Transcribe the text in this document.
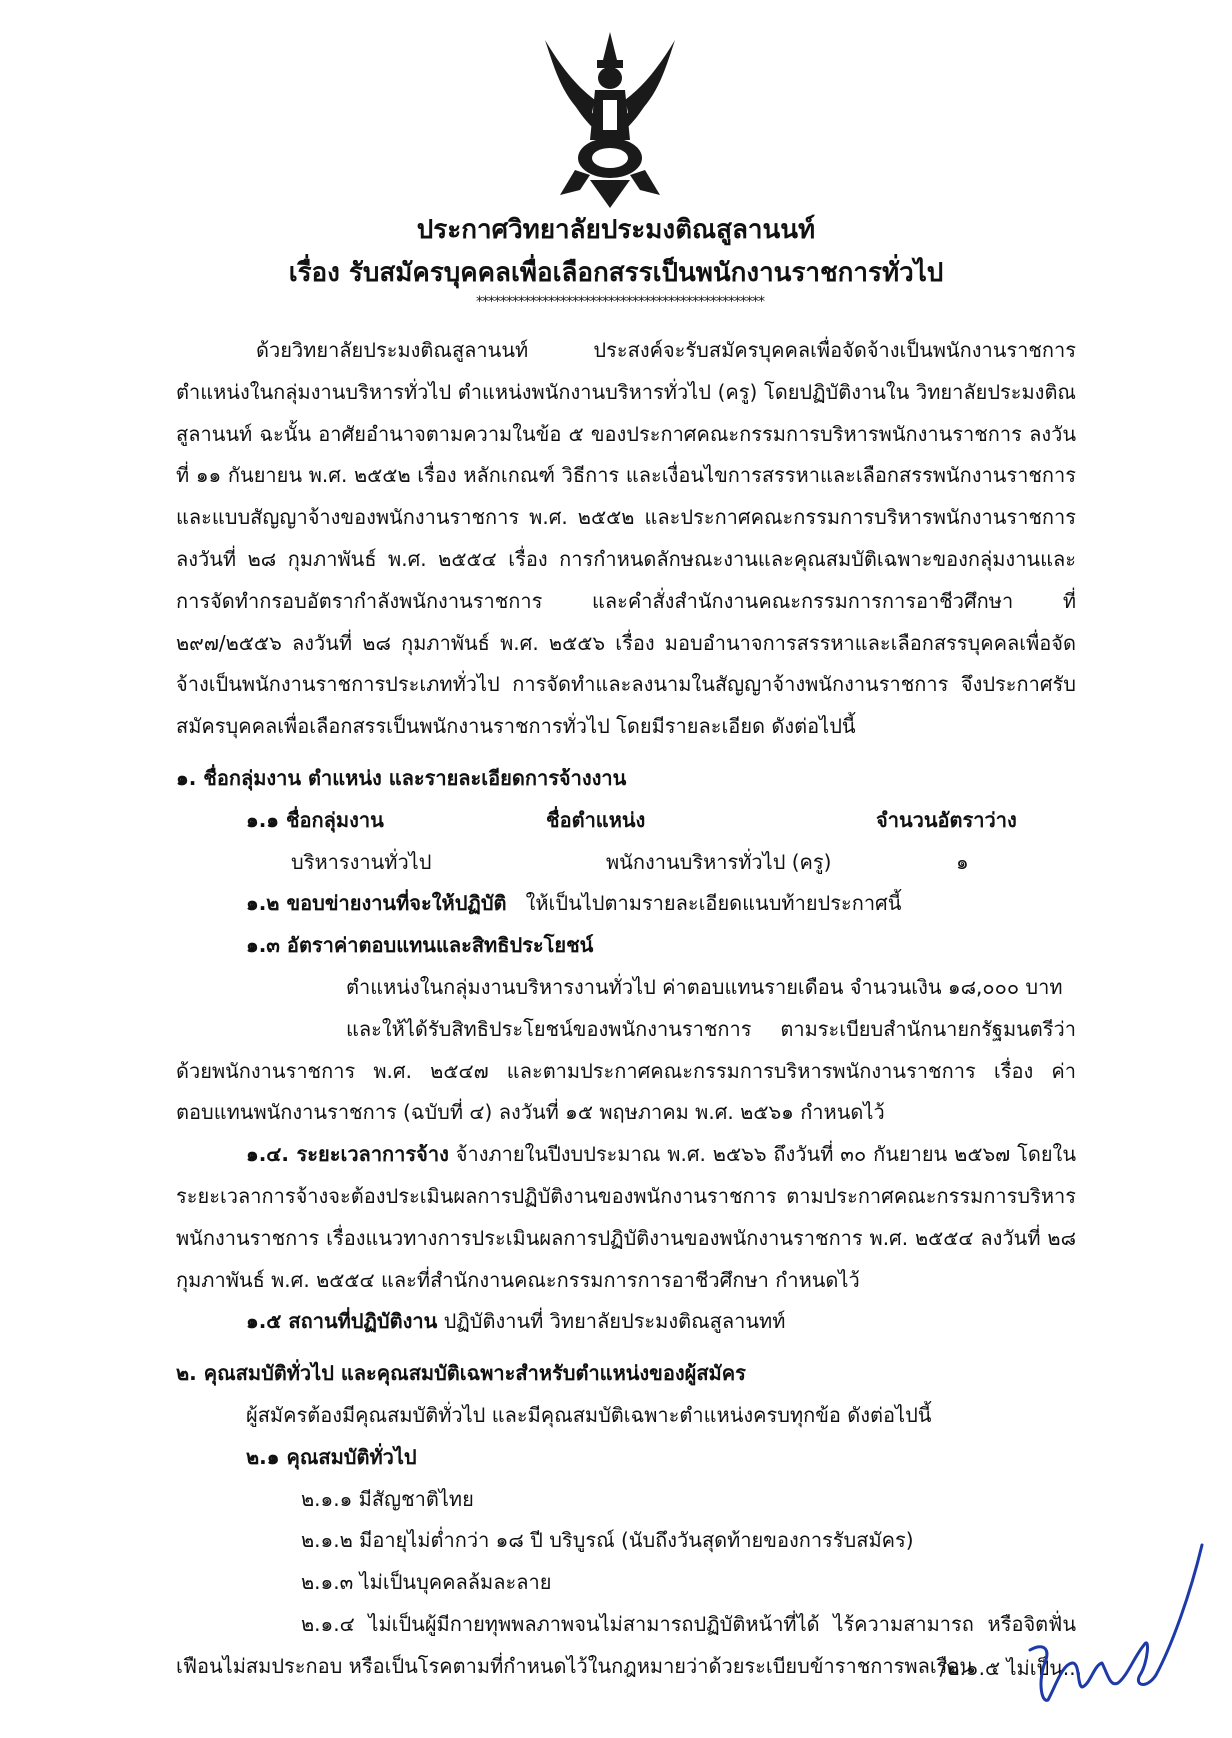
ประกาศวิทยาลัยประมงติณสูลานนท์
เรื่อง รับสมัครบุคคลเพื่อเลือกสรรเป็นพนักงานราชการทั่วไป
************************************************

ด้วยวิทยาลัยประมงติณสูลานนท์ ประสงค์จะรับสมัครบุคคลเพื่อจัดจ้างเป็นพนักงานราชการตำแหน่งในกลุ่มงานบริหารทั่วไป ตำแหน่งพนักงานบริหารทั่วไป (ครู) โดยปฏิบัติงานใน วิทยาลัยประมงติณสูลานนท์ ฉะนั้น อาศัยอำนาจตามความในข้อ ๕ ของประกาศคณะกรรมการบริหารพนักงานราชการ ลงวันที่ ๑๑ กันยายน พ.ศ. ๒๕๕๒ เรื่อง หลักเกณฑ์ วิธีการ และเงื่อนไขการสรรหาและเลือกสรรพนักงานราชการและแบบสัญญาจ้างของพนักงานราชการ พ.ศ. ๒๕๕๒ และประกาศคณะกรรมการบริหารพนักงานราชการ ลงวันที่ ๒๘ กุมภาพันธ์ พ.ศ. ๒๕๕๔ เรื่อง การกำหนดลักษณะงานและคุณสมบัติเฉพาะของกลุ่มงานและการจัดทำกรอบอัตรากำลังพนักงานราชการ และคำสั่งสำนักงานคณะกรรมการการอาชีวศึกษา ที่ ๒๙๗/๒๕๕๖ ลงวันที่ ๒๘ กุมภาพันธ์ พ.ศ. ๒๕๕๖ เรื่อง มอบอำนาจการสรรหาและเลือกสรรบุคคลเพื่อจัดจ้างเป็นพนักงานราชการประเภททั่วไป การจัดทำและลงนามในสัญญาจ้างพนักงานราชการ จึงประกาศรับสมัครบุคคลเพื่อเลือกสรรเป็นพนักงานราชการทั่วไป โดยมีรายละเอียด ดังต่อไปนี้

๑. ชื่อกลุ่มงาน ตำแหน่ง และรายละเอียดการจ้างงาน

๑.๑ ชื่อกลุ่มงาน	ชื่อตำแหน่ง	จำนวนอัตราว่าง
บริหารงานทั่วไป	พนักงานบริหารทั่วไป (ครู)	๑

๑.๒ ขอบข่ายงานที่จะให้ปฏิบัติ ให้เป็นไปตามรายละเอียดแนบท้ายประกาศนี้

๑.๓ อัตราค่าตอบแทนและสิทธิประโยชน์

ตำแหน่งในกลุ่มงานบริหารงานทั่วไป ค่าตอบแทนรายเดือน จำนวนเงิน ๑๘,๐๐๐ บาท

และให้ได้รับสิทธิประโยชน์ของพนักงานราชการ ตามระเบียบสำนักนายกรัฐมนตรีว่าด้วยพนักงานราชการ พ.ศ. ๒๕๔๗ และตามประกาศคณะกรรมการบริหารพนักงานราชการ เรื่อง ค่าตอบแทนพนักงานราชการ (ฉบับที่ ๔) ลงวันที่ ๑๕ พฤษภาคม พ.ศ. ๒๕๖๑ กำหนดไว้

๑.๔. ระยะเวลาการจ้าง จ้างภายในปีงบประมาณ พ.ศ. ๒๕๖๖ ถึงวันที่ ๓๐ กันยายน ๒๕๖๗ โดยในระยะเวลาการจ้างจะต้องประเมินผลการปฏิบัติงานของพนักงานราชการ ตามประกาศคณะกรรมการบริหารพนักงานราชการ เรื่องแนวทางการประเมินผลการปฏิบัติงานของพนักงานราชการ พ.ศ. ๒๕๕๔ ลงวันที่ ๒๘ กุมภาพันธ์ พ.ศ. ๒๕๕๔ และที่สำนักงานคณะกรรมการการอาชีวศึกษา กำหนดไว้

๑.๕ สถานที่ปฏิบัติงาน ปฏิบัติงานที่ วิทยาลัยประมงติณสูลานทท์

๒. คุณสมบัติทั่วไป และคุณสมบัติเฉพาะสำหรับตำแหน่งของผู้สมัคร

ผู้สมัครต้องมีคุณสมบัติทั่วไป และมีคุณสมบัติเฉพาะตำแหน่งครบทุกข้อ ดังต่อไปนี้

๒.๑ คุณสมบัติทั่วไป

๒.๑.๑ มีสัญชาติไทย

๒.๑.๒ มีอายุไม่ต่ำกว่า ๑๘ ปี บริบูรณ์ (นับถึงวันสุดท้ายของการรับสมัคร)

๒.๑.๓ ไม่เป็นบุคคลล้มละลาย

๒.๑.๔ ไม่เป็นผู้มีกายทุพพลภาพจนไม่สามารถปฏิบัติหน้าที่ได้ ไร้ความสามารถ หรือจิตฟั่นเฟือนไม่สมประกอบ หรือเป็นโรคตามที่กำหนดไว้ในกฎหมายว่าด้วยระเบียบข้าราชการพลเรือน

/๒.๑.๕ ไม่เป็น...
